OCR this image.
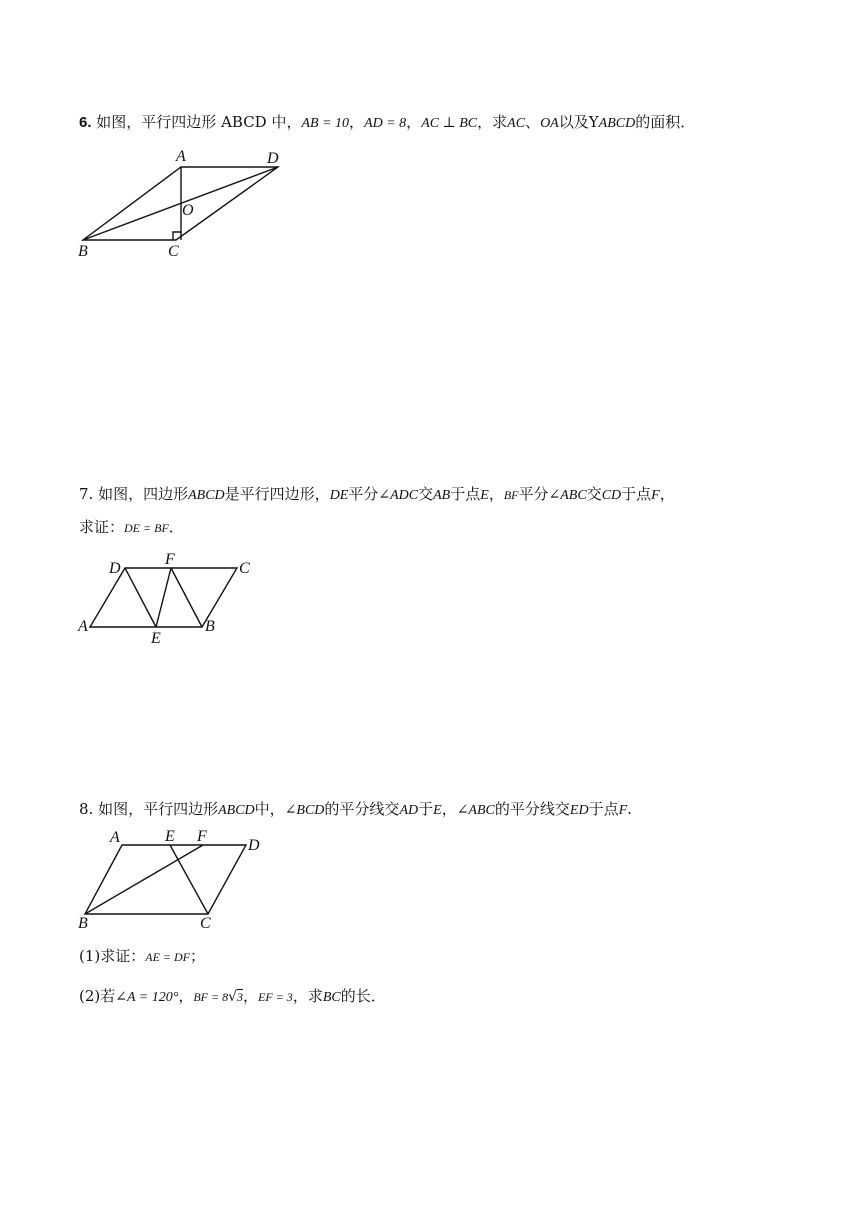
6. 如图，平行四边形 ABCD 中，AB = 10，AD = 8，AC ⊥ BC，求AC、OA以及YABCD的面积．
A	D
O
B	C
7. 如图，四边形ABCD是平行四边形，DE平分∠ADC交AB于点E，BF平分∠ABC交CD于点F，
求证：DE = BF．
D
F
C
A
E
B
8. 如图，平行四边形ABCD中，∠BCD的平分线交AD于E，∠ABC的平分线交ED于点F.
A	E F
D
B	C
(1)求证：AE = DF；
(2)若∠A = 120°，BF = 8√3，EF = 3，求BC的长．
